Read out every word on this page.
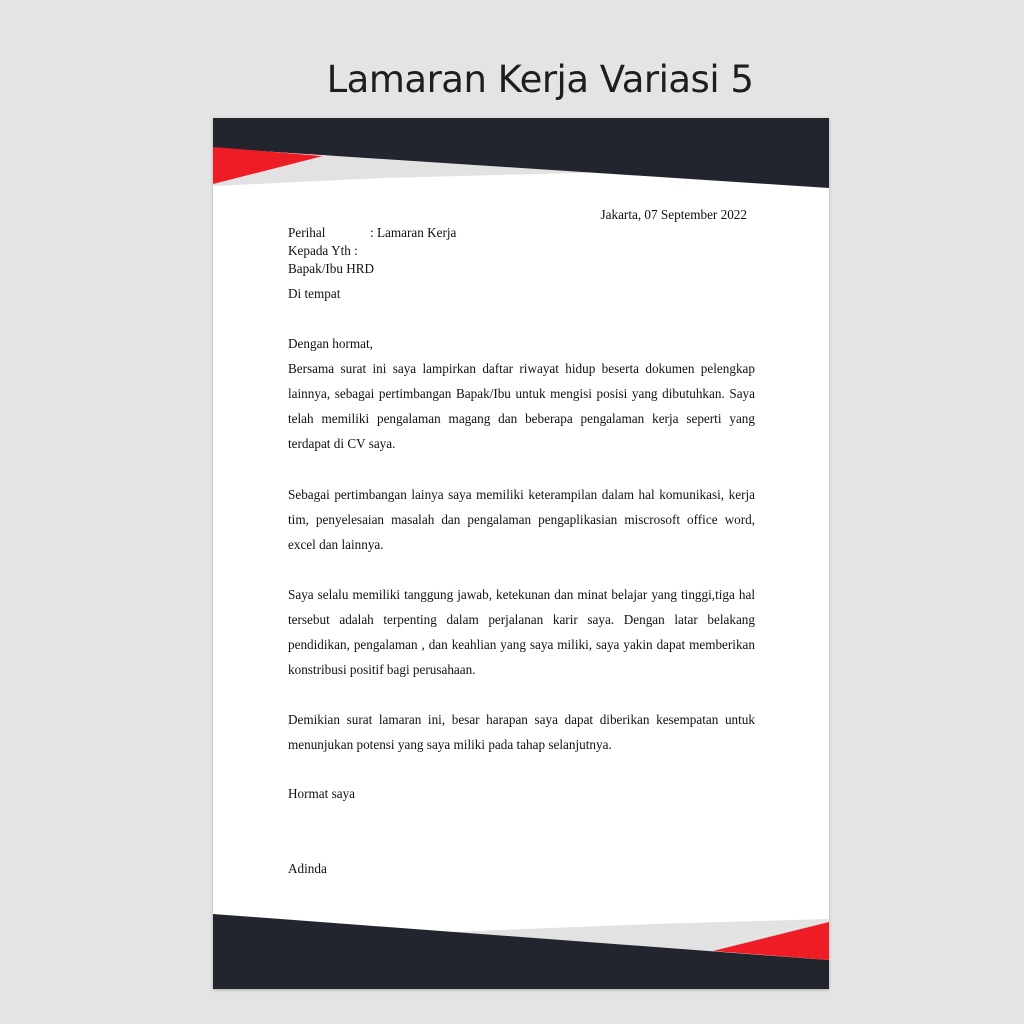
Lamaran Kerja Variasi 5
Jakarta, 07 September 2022
Perihal	: Lamaran Kerja
Kepada Yth :
Bapak/Ibu HRD
Di tempat
Dengan hormat,
Bersama surat ini saya lampirkan daftar riwayat hidup beserta dokumen pelengkap lainnya, sebagai pertimbangan Bapak/Ibu untuk mengisi posisi yang dibutuhkan. Saya telah memiliki pengalaman magang dan beberapa pengalaman kerja seperti yang terdapat di CV saya.
Sebagai pertimbangan lainya saya memiliki keterampilan dalam hal komunikasi, kerja tim, penyelesaian masalah dan pengalaman pengaplikasian miscrosoft office word, excel dan lainnya.
Saya selalu memiliki tanggung jawab, ketekunan dan minat belajar yang tinggi,tiga hal tersebut adalah terpenting dalam perjalanan karir saya. Dengan latar belakang pendidikan, pengalaman , dan keahlian yang saya miliki, saya yakin dapat memberikan konstribusi positif bagi perusahaan.
Demikian surat lamaran ini, besar harapan saya dapat diberikan kesempatan untuk menunjukan potensi yang saya miliki pada tahap selanjutnya.
Hormat saya
Adinda
